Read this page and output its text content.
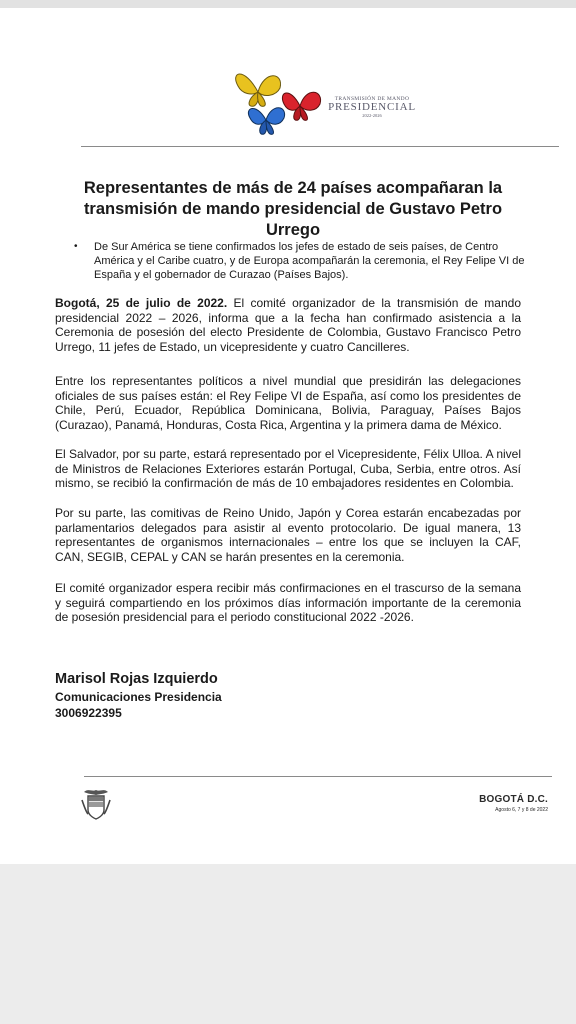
TRANSMISIÓN DE MANDO
PRESIDENCIAL
2022-2026
Representantes de más de 24 países acompañaran la transmisión de mando presidencial de Gustavo Petro Urrego
• De Sur América se tiene confirmados los jefes de estado de seis países, de Centro América y el Caribe cuatro, y de Europa acompañarán la ceremonia, el Rey Felipe VI de España y el gobernador de Curazao (Países Bajos).
Bogotá, 25 de julio de 2022. El comité organizador de la transmisión de mando presidencial 2022 – 2026, informa que a la fecha han confirmado asistencia a la Ceremonia de posesión del electo Presidente de Colombia, Gustavo Francisco Petro Urrego, 11 jefes de Estado, un vicepresidente y cuatro Cancilleres.
Entre los representantes políticos a nivel mundial que presidirán las delegaciones oficiales de sus países están: el Rey Felipe VI de España, así como los presidentes de Chile, Perú, Ecuador, República Dominicana, Bolivia, Paraguay, Países Bajos (Curazao), Panamá, Honduras, Costa Rica, Argentina y la primera dama de México.
El Salvador, por su parte, estará representado por el Vicepresidente, Félix Ulloa. A nivel de Ministros de Relaciones Exteriores estarán Portugal, Cuba, Serbia, entre otros. Así mismo, se recibió la confirmación de más de 10 embajadores residentes en Colombia.
Por su parte, las comitivas de Reino Unido, Japón y Corea estarán encabezadas por parlamentarios delegados para asistir al evento protocolario. De igual manera, 13 representantes de organismos internacionales – entre los que se incluyen la CAF, CAN, SEGIB, CEPAL y CAN se harán presentes en la ceremonia.
El comité organizador espera recibir más confirmaciones en el trascurso de la semana y seguirá compartiendo en los próximos días información importante de la ceremonia de posesión presidencial para el periodo constitucional 2022 -2026.
Marisol Rojas Izquierdo
Comunicaciones Presidencia
3006922395
BOGOTÁ D.C.
Agosto 6, 7 y 8 de 2022
